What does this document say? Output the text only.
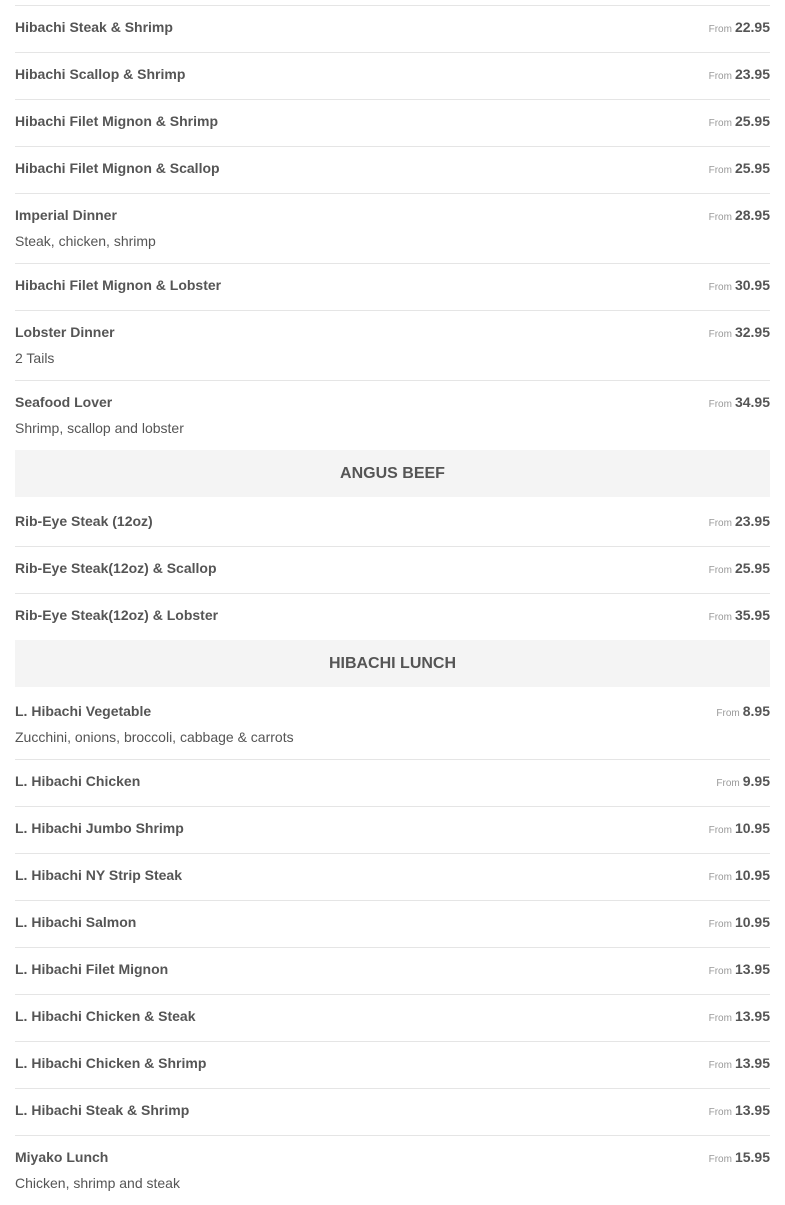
Hibachi Steak & Shrimp	From 22.95
Hibachi Scallop & Shrimp	From 23.95
Hibachi Filet Mignon & Shrimp	From 25.95
Hibachi Filet Mignon & Scallop	From 25.95
Imperial Dinner	From 28.95
Steak, chicken, shrimp
Hibachi Filet Mignon & Lobster	From 30.95
Lobster Dinner	From 32.95
2 Tails
Seafood Lover	From 34.95
Shrimp, scallop and lobster
ANGUS BEEF
Rib-Eye Steak (12oz)	From 23.95
Rib-Eye Steak(12oz) & Scallop	From 25.95
Rib-Eye Steak(12oz) & Lobster	From 35.95
HIBACHI LUNCH
L. Hibachi Vegetable	From 8.95
Zucchini, onions, broccoli, cabbage & carrots
L. Hibachi Chicken	From 9.95
L. Hibachi Jumbo Shrimp	From 10.95
L. Hibachi NY Strip Steak	From 10.95
L. Hibachi Salmon	From 10.95
L. Hibachi Filet Mignon	From 13.95
L. Hibachi Chicken & Steak	From 13.95
L. Hibachi Chicken & Shrimp	From 13.95
L. Hibachi Steak & Shrimp	From 13.95
Miyako Lunch	From 15.95
Chicken, shrimp and steak
